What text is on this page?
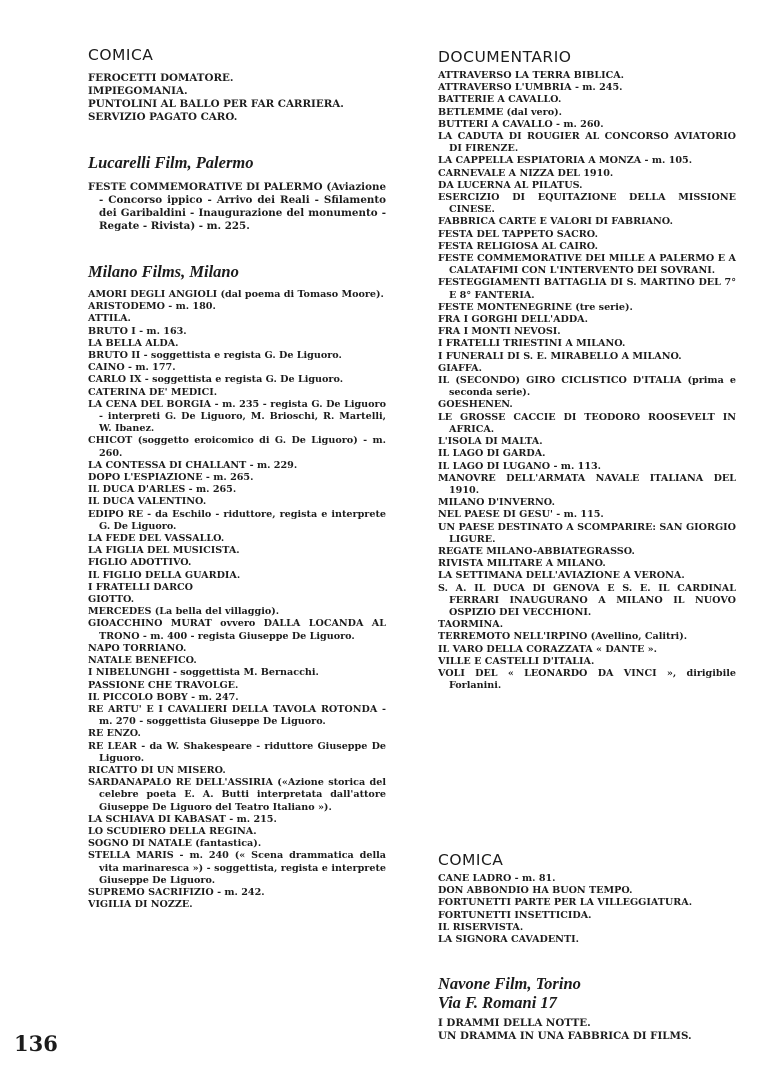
COMICA

FEROCETTI DOMATORE.

IMPIEGOMANIA.

PUNTOLINI AL BALLO PER FAR CARRIERA.

SERVIZIO PAGATO CARO.

Lucarelli Film, Palermo

FESTE COMMEMORATIVE DI PALERMO (Aviazione - Concorso ippico - Arrivo dei Reali - Sfilamento dei Garibaldini - Inaugurazione del monumento - Regate - Rivista) - m. 225.

Milano Films, Milano

AMORI DEGLI ANGIOLI (dal poema di Tomaso Moore).

ARISTODEMO - m. 180.

ATTILA.

BRUTO I - m. 163.

LA BELLA ALDA.

BRUTO II - soggettista e regista G. De Liguoro.

CAINO - m. 177.

CARLO IX - soggettista e regista G. De Liguoro.

CATERINA DE' MEDICI.

LA CENA DEL BORGIA - m. 235 - regista G. De Liguoro - interpreti G. De Liguoro, M. Brioschi, R. Martelli, W. Ibanez.

CHICOT (soggetto eroicomico di G. De Liguoro) - m. 260.

LA CONTESSA DI CHALLANT - m. 229.

DOPO L'ESPIAZIONE - m. 265.

IL DUCA D'ARLES - m. 265.

IL DUCA VALENTINO.

EDIPO RE - da Eschilo - riduttore, regista e interprete G. De Liguoro.

LA FEDE DEL VASSALLO.

LA FIGLIA DEL MUSICISTA.

FIGLIO ADOTTIVO.

IL FIGLIO DELLA GUARDIA.

I FRATELLI DARCO

GIOTTO.

MERCEDES (La bella del villaggio).

GIOACCHINO MURAT ovvero DALLA LOCANDA AL TRONO - m. 400 - regista Giuseppe De Liguoro.

NAPO TORRIANO.

NATALE BENEFICO.

I NIBELUNGHI - soggettista M. Bernacchi.

PASSIONE CHE TRAVOLGE.

IL PICCOLO BOBY - m. 247.

RE ARTU' E I CAVALIERI DELLA TAVOLA ROTONDA - m. 270 - soggettista Giuseppe De Liguoro.

RE ENZO.

RE LEAR - da W. Shakespeare - riduttore Giuseppe De Liguoro.

RICATTO DI UN MISERO.

SARDANAPALO RE DELL'ASSIRIA («Azione storica del celebre poeta E. A. Butti interpretata dall'attore Giuseppe De Liguoro del Teatro Italiano »).

LA SCHIAVA DI KABASAT - m. 215.

LO SCUDIERO DELLA REGINA.

SOGNO DI NATALE (fantastica).

STELLA MARIS - m. 240 (« Scena drammatica della vita marinaresca ») - soggettista, regista e interprete Giuseppe De Liguoro.

SUPREMO SACRIFIZIO - m. 242.

VIGILIA DI NOZZE.

DOCUMENTARIO

ATTRAVERSO LA TERRA BIBLICA.

ATTRAVERSO L'UMBRIA - m. 245.

BATTERIE A CAVALLO.

BETLEMME (dal vero).

BUTTERI A CAVALLO - m. 260.

LA CADUTA DI ROUGIER AL CONCORSO AVIATORIO DI FIRENZE.

LA CAPPELLA ESPIATORIA A MONZA - m. 105.

CARNEVALE A NIZZA DEL 1910.

DA LUCERNA AL PILATUS.

ESERCIZIO DI EQUITAZIONE DELLA MISSIONE CINESE.

FABBRICA CARTE E VALORI DI FABRIANO.

FESTA DEL TAPPETO SACRO.

FESTA RELIGIOSA AL CAIRO.

FESTE COMMEMORATIVE DEI MILLE A PALERMO E A CALATAFIMI CON L'INTERVENTO DEI SOVRANI.

FESTEGGIAMENTI BATTAGLIA DI S. MARTINO DEL 7° E 8° FANTERIA.

FESTE MONTENEGRINE (tre serie).

FRA I GORGHI DELL'ADDA.

FRA I MONTI NEVOSI.

I FRATELLI TRIESTINI A MILANO.

I FUNERALI DI S. E. MIRABELLO A MILANO.

GIAFFA.

IL (SECONDO) GIRO CICLISTICO D'ITALIA (prima e seconda serie).

GOESHENEN.

LE GROSSE CACCIE DI TEODORO ROOSEVELT IN AFRICA.

L'ISOLA DI MALTA.

IL LAGO DI GARDA.

IL LAGO DI LUGANO - m. 113.

MANOVRE DELL'ARMATA NAVALE ITALIANA DEL 1910.

MILANO D'INVERNO.

NEL PAESE DI GESU' - m. 115.

UN PAESE DESTINATO A SCOMPARIRE: SAN GIORGIO LIGURE.

REGATE MILANO-ABBIATEGRASSO.

RIVISTA MILITARE A MILANO.

LA SETTIMANA DELL'AVIAZIONE A VERONA.

S. A. IL DUCA DI GENOVA E S. E. IL CARDINAL FERRARI INAUGURANO A MILANO IL NUOVO OSPIZIO DEI VECCHIONI.

TAORMINA.

TERREMOTO NELL'IRPINO (Avellino, Calitri).

IL VARO DELLA CORAZZATA « DANTE ».

VILLE E CASTELLI D'ITALIA.

VOLI DEL « LEONARDO DA VINCI », dirigibile Forlanini.

COMICA

CANE LADRO - m. 81.

DON ABBONDIO HA BUON TEMPO.

FORTUNETTI PARTE PER LA VILLEGGIATURA.

FORTUNETTI INSETTICIDA.

IL RISERVISTA.

LA SIGNORA CAVADENTI.

Navone Film, Torino
Via F. Romani 17

I DRAMMI DELLA NOTTE.

UN DRAMMA IN UNA FABBRICA DI FILMS.

136
